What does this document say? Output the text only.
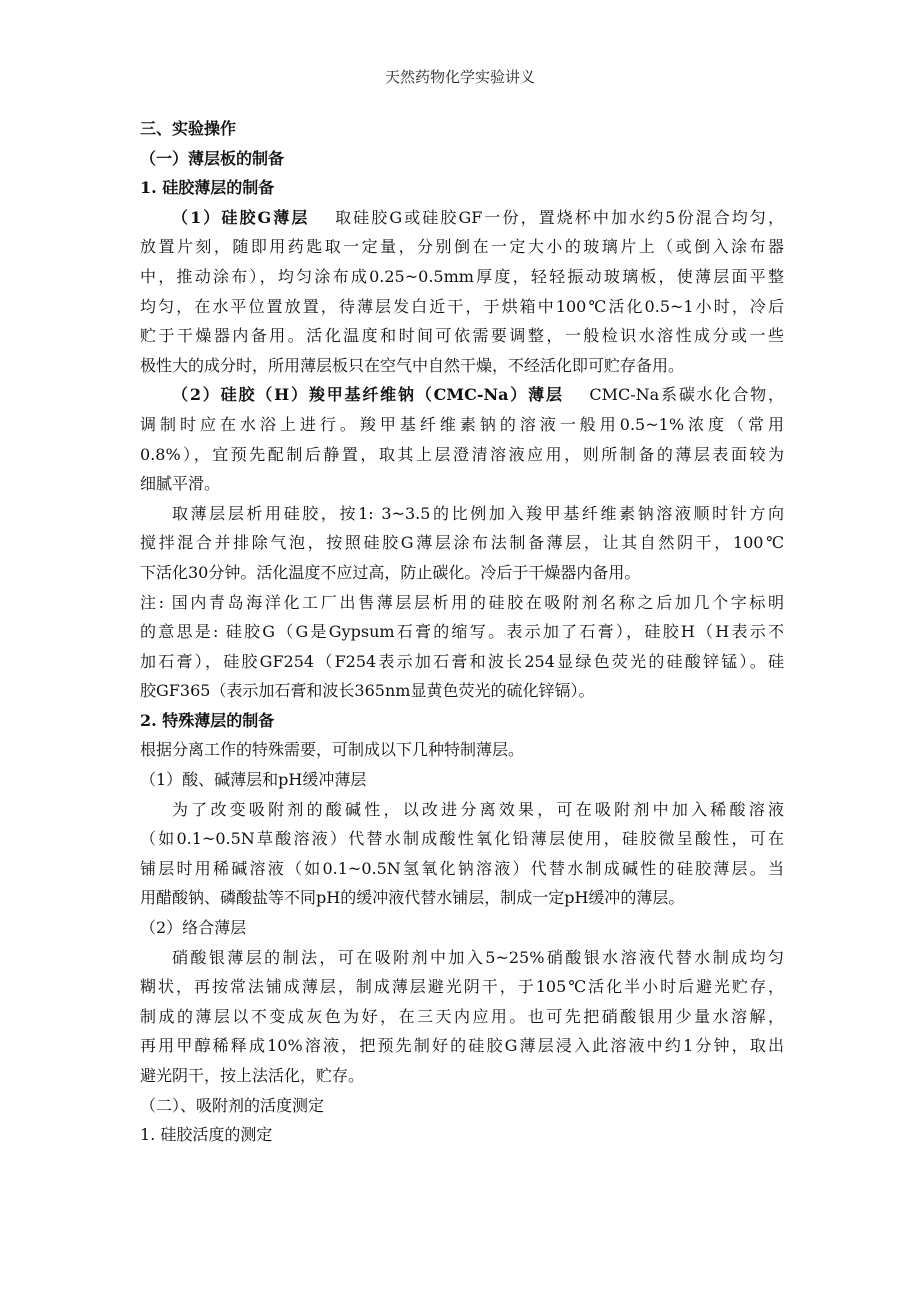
天然药物化学实验讲义

三、实验操作

（一）薄层板的制备

1. 硅胶薄层的制备

（1）硅胶G薄层 取硅胶G或硅胶GF一份，置烧杯中加水约5份混合均匀，

放置片刻，随即用药匙取一定量，分别倒在一定大小的玻璃片上（或倒入涂布器

中，推动涂布），均匀涂布成0.25~0.5mm厚度，轻轻振动玻璃板，使薄层面平整

均匀，在水平位置放置，待薄层发白近干，于烘箱中100℃活化0.5~1小时，冷后

贮于干燥器内备用。活化温度和时间可依需要调整，一般检识水溶性成分或一些

极性大的成分时，所用薄层板只在空气中自然干燥，不经活化即可贮存备用。

（2）硅胶（H）羧甲基纤维钠（CMC-Na）薄层 CMC-Na系碳水化合物，

调制时应在水浴上进行。羧甲基纤维素钠的溶液一般用0.5~1%浓度（常用

0.8%），宜预先配制后静置，取其上层澄清溶液应用，则所制备的薄层表面较为

细腻平滑。

取薄层层析用硅胶，按1: 3~3.5的比例加入羧甲基纤维素钠溶液顺时针方向

搅拌混合并排除气泡，按照硅胶G薄层涂布法制备薄层，让其自然阴干，100℃

下活化30分钟。活化温度不应过高，防止碳化。冷后于干燥器内备用。

注: 国内青岛海洋化工厂出售薄层层析用的硅胶在吸附剂名称之后加几个字标明

的意思是: 硅胶G（G是Gypsum石膏的缩写。表示加了石膏），硅胶H（H表示不

加石膏），硅胶GF254（F254表示加石膏和波长254显绿色荧光的硅酸锌锰）。硅

胶GF365（表示加石膏和波长365nm显黄色荧光的硫化锌镉）。

2. 特殊薄层的制备

根据分离工作的特殊需要，可制成以下几种特制薄层。

（1）酸、碱薄层和pH缓冲薄层

为了改变吸附剂的酸碱性，以改进分离效果，可在吸附剂中加入稀酸溶液

（如0.1~0.5N草酸溶液）代替水制成酸性氧化铅薄层使用，硅胶微呈酸性，可在

铺层时用稀碱溶液（如0.1~0.5N氢氧化钠溶液）代替水制成碱性的硅胶薄层。当

用醋酸钠、磷酸盐等不同pH的缓冲液代替水铺层，制成一定pH缓冲的薄层。

（2）络合薄层

硝酸银薄层的制法，可在吸附剂中加入5~25%硝酸银水溶液代替水制成均匀

糊状，再按常法铺成薄层，制成薄层避光阴干，于105℃活化半小时后避光贮存，

制成的薄层以不变成灰色为好，在三天内应用。也可先把硝酸银用少量水溶解，

再用甲醇稀释成10%溶液，把预先制好的硅胶G薄层浸入此溶液中约1分钟，取出

避光阴干，按上法活化，贮存。

（二）、吸附剂的活度测定

1. 硅胶活度的测定
